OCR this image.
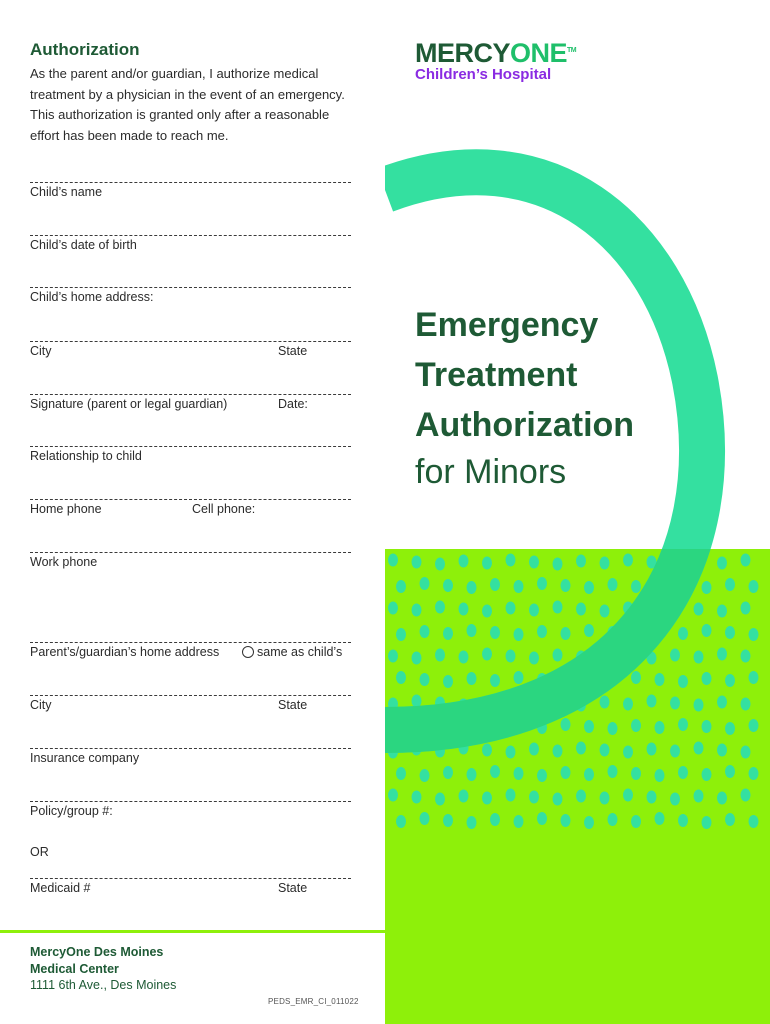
Authorization
As the parent and/or guardian, I authorize medical treatment by a physician in the event of an emergency. This authorization is granted only after a reasonable effort has been made to reach me.
Child’s name
Child’s date of birth
Child’s home address:
City	State
Signature (parent or legal guardian)	Date:
Relationship to child
Home phone	Cell phone:
Work phone
Parent’s/guardian’s home address	same as child’s
City	State
Insurance company
Policy/group #:
OR
Medicaid #	State
MercyOne Des Moines
Medical Center
1111 6th Ave., Des Moines
PEDS_EMR_CI_011022
MERCYONE™
Children’s Hospital
Emergency
Treatment
Authorization
for Minors
